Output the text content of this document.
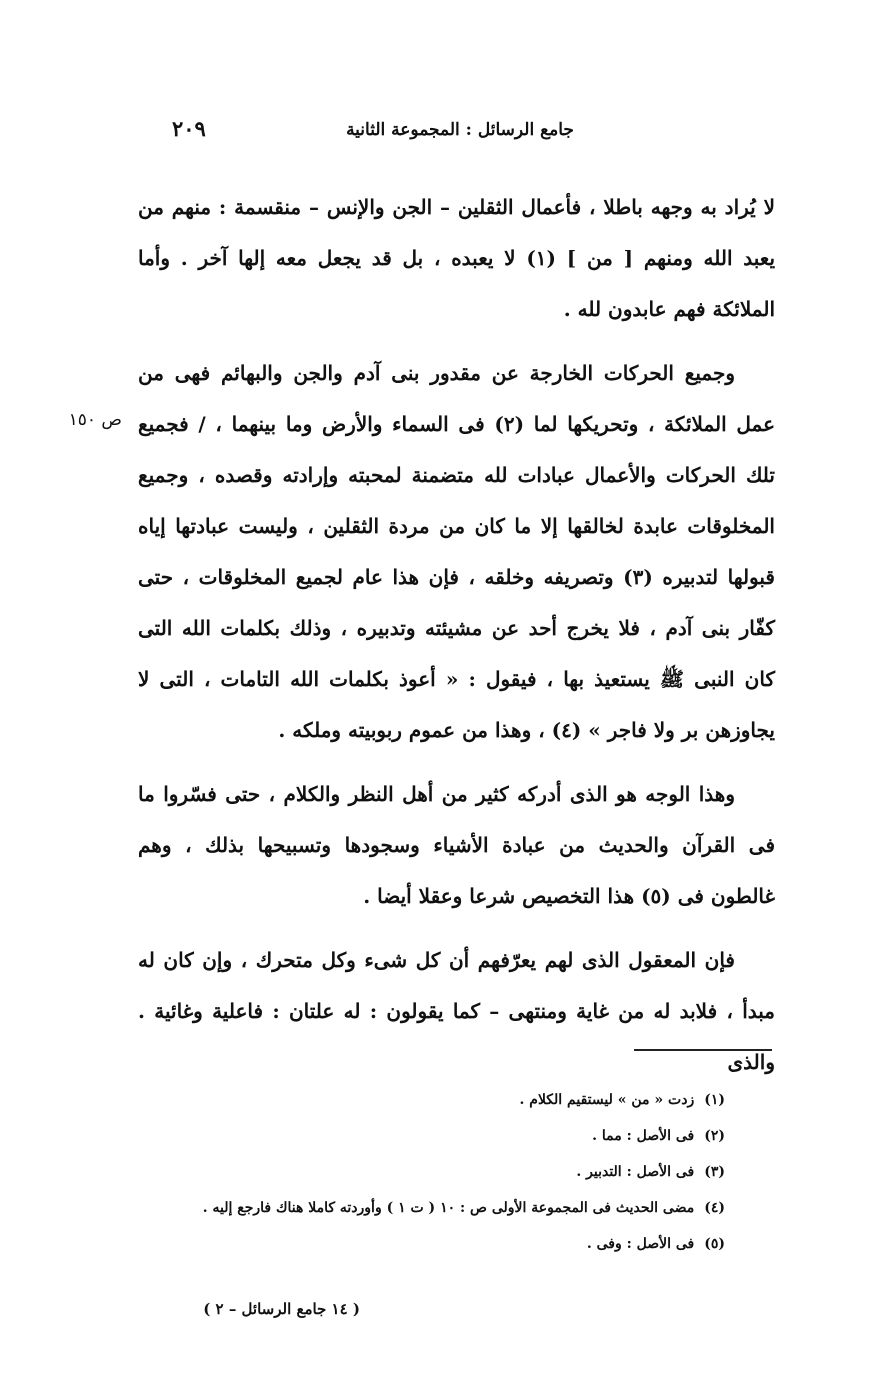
جامع الرسائل : المجموعة الثانية
٢٠٩
ص ١٥٠

لا يُراد به وجهه باطلا ، فأعمال الثقلين – الجن والإنس – منقسمة : منهم من يعبد الله ومنهم [ من ] (١) لا يعبده ، بل قد يجعل معه إلها آخر . وأما الملائكة فهم عابدون لله .

وجميع الحركات الخارجة عن مقدور بنى آدم والجن والبهائم فهى من عمل الملائكة ، وتحريكها لما (٢) فى السماء والأرض وما بينهما ، / فجميع تلك الحركات والأعمال عبادات لله متضمنة لمحبته وإرادته وقصده ، وجميع المخلوقات عابدة لخالقها إلا ما كان من مردة الثقلين ، وليست عبادتها إياه قبولها لتدبيره (٣) وتصريفه وخلقه ، فإن هذا عام لجميع المخلوقات ، حتى كفّار بنى آدم ، فلا يخرج أحد عن مشيئته وتدبيره ، وذلك بكلمات الله التى كان النبى ﷺ يستعيذ بها ، فيقول : « أعوذ بكلمات الله التامات ، التى لا يجاوزهن بر ولا فاجر » (٤) ، وهذا من عموم ربوبيته وملكه .

وهذا الوجه هو الذى أدركه كثير من أهل النظر والكلام ، حتى فسّروا ما فى القرآن والحديث من عبادة الأشياء وسجودها وتسبيحها بذلك ، وهم غالطون فى (٥) هذا التخصيص شرعا وعقلا أيضا .

فإن المعقول الذى لهم يعرّفهم أن كل شىء وكل متحرك ، وإن كان له مبدأ ، فلابد له من غاية ومنتهى – كما يقولون : له علتان : فاعلية وغائية . والذى

(١)زدت « من » ليستقيم الكلام .
(٢)فى الأصل : مما .
(٣)فى الأصل : التدبير .
(٤)مضى الحديث فى المجموعة الأولى ص : ١٠ ( ت ١ ) وأوردته كاملا هناك فارجع إليه .
(٥)فى الأصل : وفى .
( ١٤ جامع الرسائل – ٢ )
